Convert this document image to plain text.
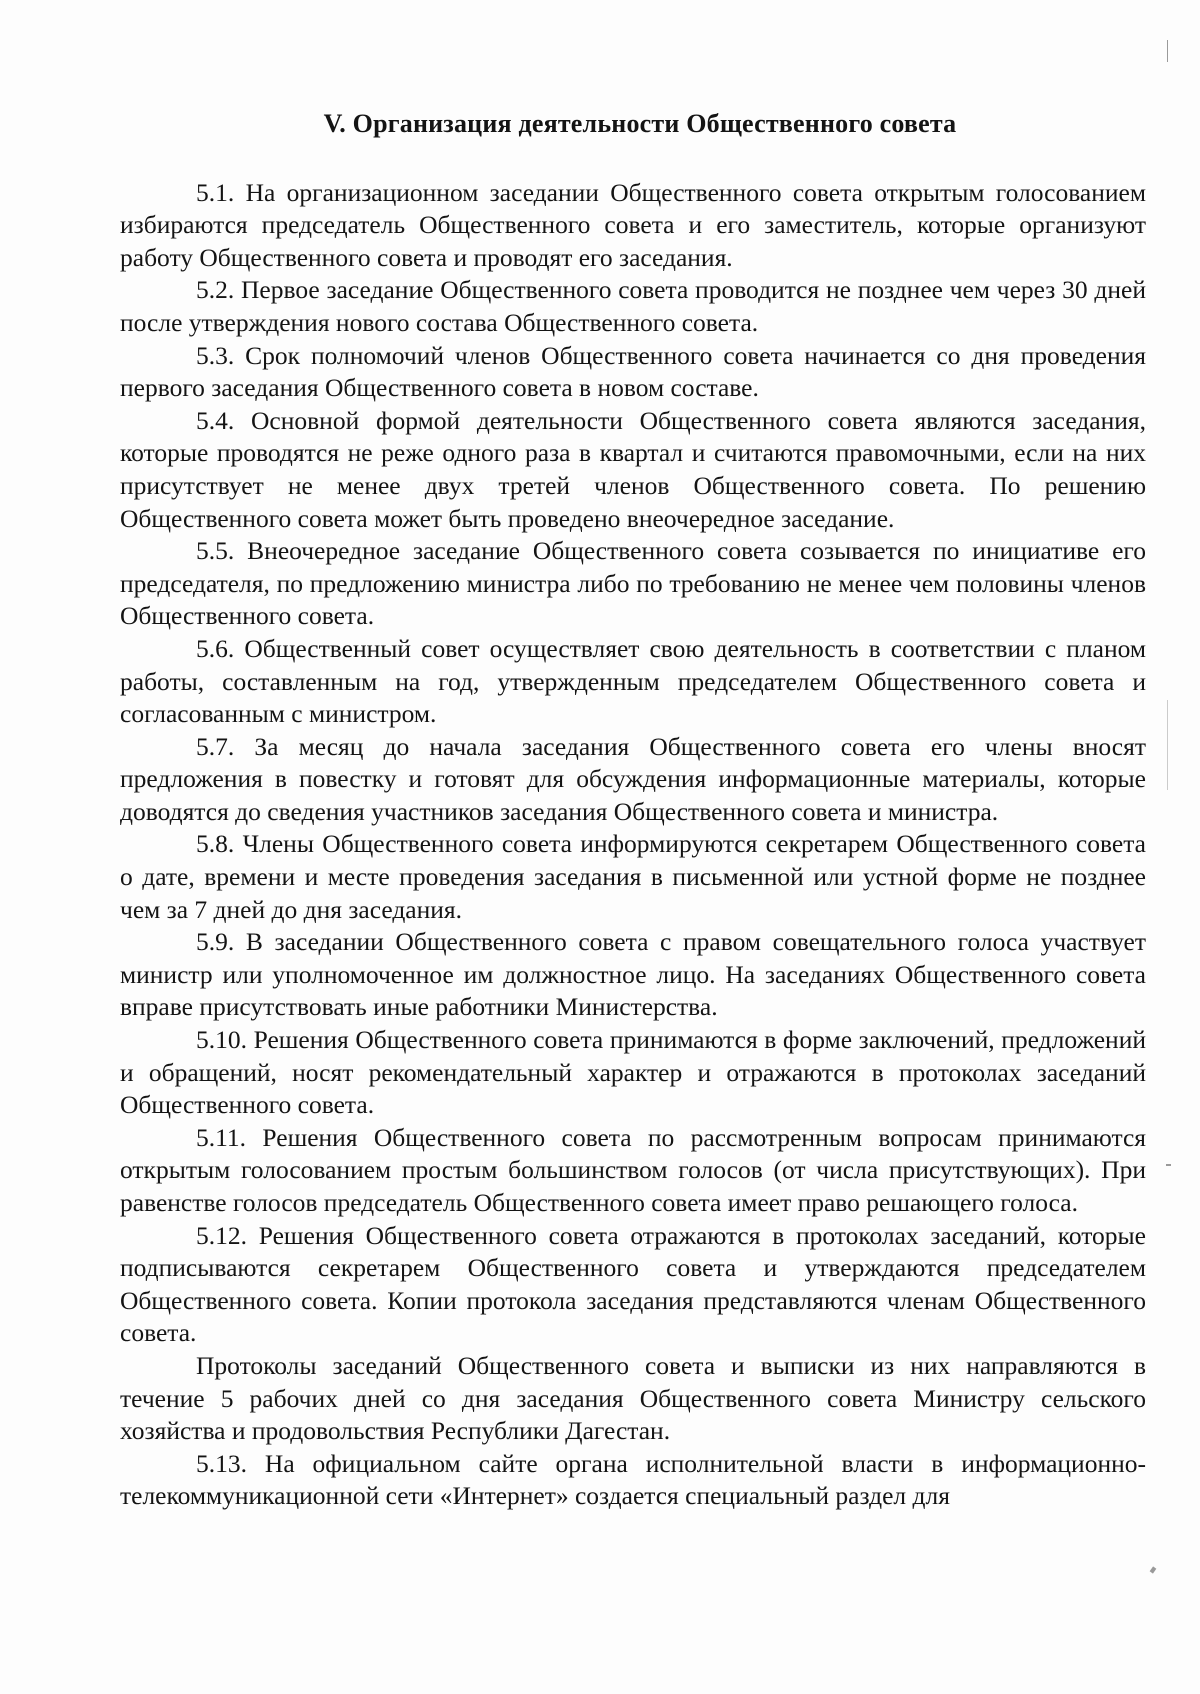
V. Организация деятельности Общественного совета

5.1. На организационном заседании Общественного совета открытым голосованием избираются председатель Общественного совета и его заместитель, которые организуют работу Общественного совета и проводят его заседания.

5.2. Первое заседание Общественного совета проводится не позднее чем через 30 дней после утверждения нового состава Общественного совета.

5.3. Срок полномочий членов Общественного совета начинается со дня проведения первого заседания Общественного совета в новом составе.

5.4. Основной формой деятельности Общественного совета являются заседания, которые проводятся не реже одного раза в квартал и считаются правомочными, если на них присутствует не менее двух третей членов Общественного совета. По решению Общественного совета может быть проведено внеочередное заседание.

5.5. Внеочередное заседание Общественного совета созывается по инициативе его председателя, по предложению министра либо по требованию не менее чем половины членов Общественного совета.

5.6. Общественный совет осуществляет свою деятельность в соответствии с планом работы, составленным на год, утвержденным председателем Общественного совета и согласованным с министром.

5.7. За месяц до начала заседания Общественного совета его члены вносят предложения в повестку и готовят для обсуждения информационные материалы, которые доводятся до сведения участников заседания Общественного совета и министра.

5.8. Члены Общественного совета информируются секретарем Общественного совета о дате, времени и месте проведения заседания в письменной или устной форме не позднее чем за 7 дней до дня заседания.

5.9. В заседании Общественного совета с правом совещательного голоса участвует министр или уполномоченное им должностное лицо. На заседаниях Общественного совета вправе присутствовать иные работники Министерства.

5.10. Решения Общественного совета принимаются в форме заключений, предложений и обращений, носят рекомендательный характер и отражаются в протоколах заседаний Общественного совета.

5.11. Решения Общественного совета по рассмотренным вопросам принимаются открытым голосованием простым большинством голосов (от числа присутствующих). При равенстве голосов председатель Общественного совета имеет право решающего голоса.

5.12. Решения Общественного совета отражаются в протоколах заседаний, которые подписываются секретарем Общественного совета и утверждаются председателем Общественного совета. Копии протокола заседания представляются членам Общественного совета.

Протоколы заседаний Общественного совета и выписки из них направляются в течение 5 рабочих дней со дня заседания Общественного совета Министру сельского хозяйства и продовольствия Республики Дагестан.

5.13. На официальном сайте органа исполнительной власти в информационно-телекоммуникационной сети «Интернет» создается специальный раздел для
